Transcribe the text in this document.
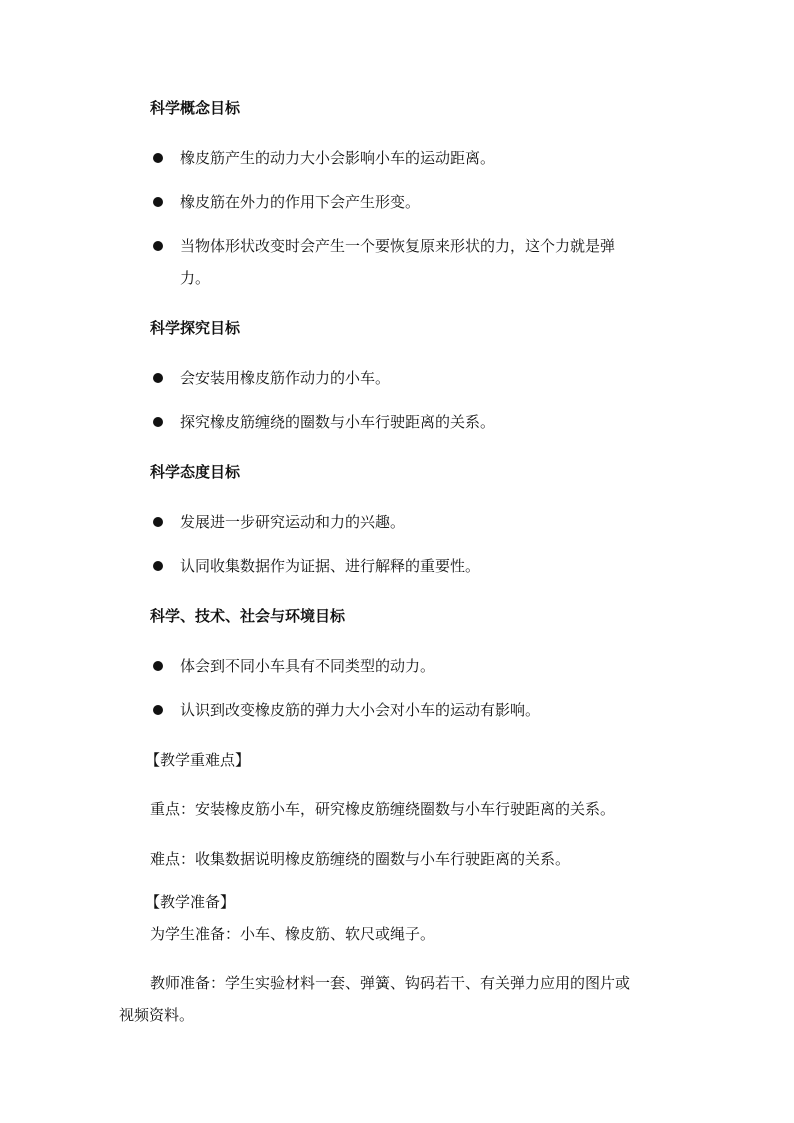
科学概念目标
橡皮筋产生的动力大小会影响小车的运动距离。
橡皮筋在外力的作用下会产生形变。
当物体形状改变时会产生一个要恢复原来形状的力，这个力就是弹
力。
科学探究目标
会安装用橡皮筋作动力的小车。
探究橡皮筋缠绕的圈数与小车行驶距离的关系。
科学态度目标
发展进一步研究运动和力的兴趣。
认同收集数据作为证据、进行解释的重要性。
科学、技术、社会与环境目标
体会到不同小车具有不同类型的动力。
认识到改变橡皮筋的弹力大小会对小车的运动有影响。
【教学重难点】
重点：安装橡皮筋小车，研究橡皮筋缠绕圈数与小车行驶距离的关系。
难点：收集数据说明橡皮筋缠绕的圈数与小车行驶距离的关系。
【教学准备】
为学生准备：小车、橡皮筋、软尺或绳子。
教师准备：学生实验材料一套、弹簧、钩码若干、有关弹力应用的图片或
视频资料。
